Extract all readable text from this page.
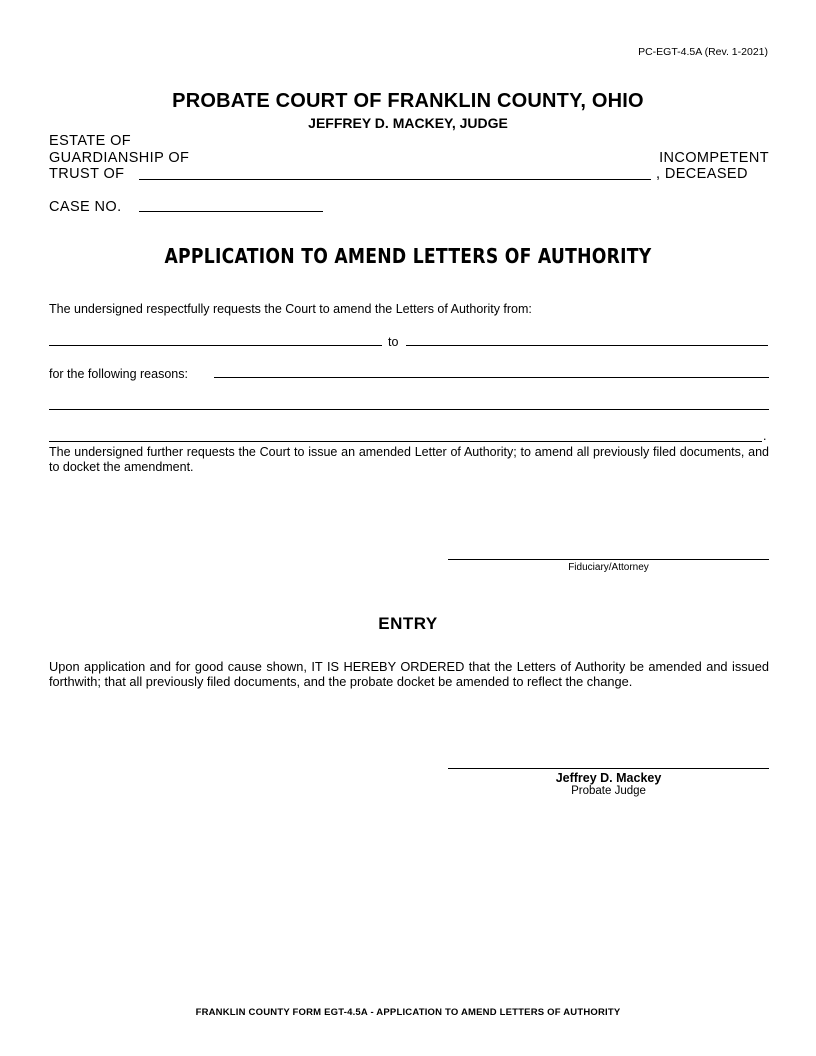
PC-EGT-4.5A (Rev. 1-2021)
PROBATE COURT OF FRANKLIN COUNTY, OHIO
JEFFREY D. MACKEY, JUDGE
ESTATE OF
GUARDIANSHIP OF
TRUST OF
INCOMPETENT
, DECEASED
CASE NO.
APPLICATION TO AMEND LETTERS OF AUTHORITY
The undersigned respectfully requests the Court to amend the Letters of Authority from:
to
for the following reasons:
.
The undersigned further requests the Court to issue an amended Letter of Authority; to amend all previously filed documents, and to docket the amendment.
Fiduciary/Attorney
ENTRY
Upon application and for good cause shown, IT IS HEREBY ORDERED that the Letters of Authority be amended and issued forthwith; that all previously filed documents, and the probate docket be amended to reflect the change.
Jeffrey D. Mackey
Probate Judge
FRANKLIN COUNTY FORM EGT-4.5A - APPLICATION TO AMEND LETTERS OF AUTHORITY
